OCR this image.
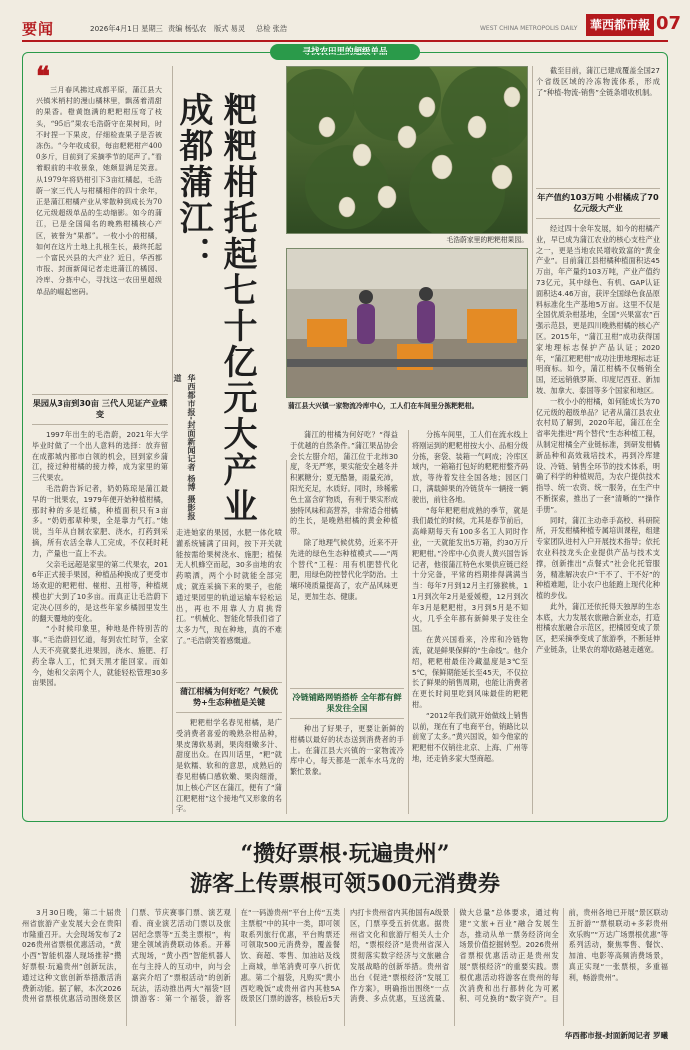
要闻	2026年4月1日 星期三 责编 杨弘农 版式 易灵 总检 张浩	WEST CHINA METROPOLIS DAILY	華西都市報 07
寻找农田里的超级单品
❝ 三月春风拂过成都平原，蒲江县大兴镇米梢村的漫山橘林里，飘荡着清甜的果香。橙黄饱满的粑粑柑压弯了枝头，“95后”果农毛浩蔚守在果树间，时不时捏一下果皮，仔细检查果子是否被冻伤。“今年收成很，每亩粑粑柑产4000多斤，目前到了采摘季节的尾声了。”看着眼前的丰收景象，她颇显满足笑意。从1979年将奶柑引下3亩红橘起，毛浩蔚一家三代人与柑橘相伴的四十余年，正是蒲江柑橘产业从零散种到成长为70亿元级超级单品的生动缩影。如今的蒲江，已是全国闻名的晚熟柑橘核心产区，被誉为“果都”。一枚小小的柑橘，如何在这片土地上扎根生长，最终托起一个富民兴县的大产业？近日，华西都市报、封面新闻记者走进蒲江的橘园、冷库、分拣中心，寻找这一农田里超级单品的崛起密码。
果园从3亩到30亩 三代人见证产业蝶变

1997年出生的毛浩蔚，2021年大学毕业时做了一个出人意料的选择：放弃留在成都城内都市白领的机会，回到家乡蒲江，接过种柑橘的接力棒，成为家里的第三代果农。

毛浩蔚告诉记者，奶奶陈琼是蒲江最早的一批果农，1979年便开始种植柑橘，那时种的多是红橘，种植面积只有3亩多。“奶奶那辈种果，全是靠力气打。”她说，当年从自制农家肥、浇水，打药到采摘，所有农活全靠人工完成，不仅耗时耗力，产量也一直上不去。

父亲毛远超是家里的第二代果农，2016年正式接手果园，种植品种换成了更受市场欢迎的粑粑柑、椪柑、丑柑等，种植规模也扩大到了10多亩。而真正让毛浩蔚下定决心回乡的，是这些年家乡橘园里发生的翻天覆地的变化。

“小时候印象里，种地是件特别苦的事。”毛浩蔚回忆道，每到农忙时节，全家人天不亮就要扎进果园，浇水、施肥、打药全靠人工，忙到天黑才能回家。而如今，她和父亲两个人，就能轻松管理30多亩果园。

成都蒲江： 粑粑柑托起七十亿元大产业
华西都市报-封面新闻记者 杨博 摄影报道

走进她家的果园，水肥一体化喷灌系统铺满了田间，按下开关就能按需给果树浇水、施肥；植保无人机蜂空而起，30多亩地的农药喷洒，两个小时就能全部完成；就连采摘下来的果子，也能通过果园里的轨道运输车轻松运出，再也不用靠人力肩挑背扛。“机械化、智能化帮我们省了太多力气，现在种地，真的不难了。”毛浩蔚笑着感慨道。

蒲江柑橘为何好吃？气候优势+生态种植是关键

粑粑柑学名春见柑橘，是广受消费者喜爱的晚熟杂柑品种，果皮薄软易剥，果肉细嫩多汁、甜度出众。在四川话里，“粑”就是软糯、软和的意思，成熟后的春见柑橘口感软嫩、果肉细滑，加上核心产区在蒲江，便有了“蒲江粑粑柑”这个接地气又形象的名字。

毛浩蔚家里的粑粑柑果园。
蒲江县大兴镇一家物流冷库中心，工人们在车间里分拣粑粑柑。

蒲江的柑橘为何好吃？“得益于优越的自然条件。”蒲江果品协会会长左腊介绍，蒲江位于北纬30度，冬无严寒，果实能安全越冬并积累糖分；夏无酷暑，雨量充沛，阳光充足，水质好。同时，珍稀紫色土富含矿物质，有利于果实形成独特风味和高营养，非常适合柑橘的生长，是晚熟柑橘的黄金种植带。

除了地理气候优势，近来不开先进的绿色生态种植模式——“两个替代”工程：用有机肥替代化肥，用绿色防控替代化学防治。土壤环境质量提高了，农产品风味更足，更加生态、健康。

冷链铺路网销搭桥 全年都有鲜果发往全国

种出了好果子，更要让新鲜的柑橘以最好的状态送到消费者的手上。在蒲江县大兴镇的一家物流冷库中心，每天都是一派车水马龙的繁忙景象。

分拣车间里，工人们在流水线上将刚运到的粑粑柑按大小、品相分级分拣，套袋、装箱一气呵成；冷库区域内，一箱箱打包好的粑粑柑整齐码放，等待着发往全国各地；园区门口，满载鲜果的冷链货车一辆接一辆驶出，前往各地。

“每年粑粑柑成熟的季节，就是我们最忙的时候，尤其是春节前后，高峰期每天有100多名工人同时作业，一天就能发出5万箱，约30万斤粑粑柑。”冷库中心负责人黄兴国告诉记者，他很蒲江特色水果供应链已经十分完备，平常的档期排得满满当当：每年7月到12月主打猕猴桃，11月到次年2月是爱媛橙，12月到次年3月是粑粑柑，3月到5月是不知火，几乎全年都有新鲜果子发往全国。

在黄兴国看来，冷库和冷链物流，就是鲜果保鲜的“生命线”。他介绍，粑粑柑最佳冷藏温度是3℃至5℃，保鲜期能延长至45天，不仅拉长了鲜果的销售周期，也能让消费者在更长时间里吃到风味最佳的粑粑柑。

“2012年我们就开始做线上销售以前，现在有了电商平台，销路比以前宽了太多。”黄兴国说，如今他家的粑粑柑不仅销往北京、上海、广州等地，还走俏多家大型商超。

截至目前，蒲江已建成覆盖全国27个省级区域的冷冻物流体系，形成了“种植-物流-销售”全链条增收机制。

年产值约103万吨 小柑橘成了70亿元级大产业

经过四十余年发展，如今的柑橘产业，早已成为蒲江农业的核心支柱产业之一，更是当地农民增收致富的“黄金产业”。目前蒲江县柑橘种植面积达45万亩，年产量约103万吨，产业产值约73亿元，其中绿色、有机、GAP认证面积达4.46万亩，获评全国绿色食品原料标准化生产基地5万亩。这里不仅是全国优质杂柑基地，全国“兴果富农”百强示范县，更是四川晚熟柑橘的核心产区。2015年，“蒲江丑柑”成功获得国家地理标志保护产品认证；2020年，“蒲江粑粑柑”成功注册地理标志证明商标。如今，蒲江柑橘不仅畅销全国，还远销俄罗斯、印度尼西亚、新加坡、加拿大、泰国等多个国家和地区。

一枚小小的柑橘，如何能成长为70亿元级的超级单品？记者从蒲江县农业农村局了解到，2020年起，蒲江在全省率先推进“两个替代”生态种植工程，从制定柑橘全产业链标准，到研发柑橘新品种和高效栽培技术，再到冷库建设、冷链、销售全环节的技术体系，明确了科学的种植规范，为农户提供技术指导、统一农资、统一服务，在生产中不断探索，推出了一套“清晰的”“操作手册”。

同时，蒲江主动牵手高校、科研院所，开发柑橘种植专属培训课程，组建专家团队进村入户开展技术指导；依托农业科技龙头企业提供产品与技术支撑，创新推出“点餐式”社会化托管服务，精准解决农户“干不了、干不好”的种植难题，让小农户也能跑上现代化种植的步伐。

此外，蒲江还依托得天独厚的生态本底，大力发展农旅融合新业态，打造柑橘农旅融合示范区，把橘园变成了景区，把采摘季变成了旅游季，不断延伸产业链条，让果农的增收路越走越宽。

“攒好票根·玩遍贵州”
游客上传票根可领500元消费券
3月30日晚，第二十届贵州省旅游产业发展大会在贵阳市隆重召开。大会现场发布了2026贵州省票根优惠活动，“黄小西”智能机器人现场推荐“攒好票根·玩遍贵州”创新玩法，通过这种文旅创新举措激活消费新动能。据了解，本次2026贵州省票根优惠活动围绕景区门票、节庆赛事门票、演艺观看、商业演艺活动门票以及旅居纪念票等“五类主票根”，构建全领域消费联动体系。开幕式现场，“黄小西”智能机器人在与主持人的互动中，向与会嘉宾介绍了“票根活动”的创新玩法，活动推出两大“福袋”回馈游客：第一个福袋，游客在“一码游贵州”平台上传“五类主票根”中的其中一类，即可领取系列旅行优惠，平台购票还可领取500元消费券，覆盖餐饮、商超、零售、加油站及线上商城，单笔消费可享八折优惠。第二个福袋，凡购买“黄小西吃晚饭”或贵州省内其他5A级景区门票的游客，核验后5天内打卡贵州省内其他国有A级景区，门票享受五折优惠。据贵州省文化和旅游厅相关人士介绍，“票根经济”是贵州省深入贯彻落实数字经济与文旅融合发展战略的创新举措。贵州省出台《促进“票根经济”发展工作方案》，明确指出围绕“一点消费、多点优惠，互送流量、做大总量”总体要求，通过构建“文旅+百业”融合发展生态，推动从单一票务经济向全场景价值挖掘转型。2026贵州省票根优惠活动正是贵州发展“票根经济”的重要实践。票根优惠活动将游客在贵州的每次消费和出行都转化为可累积、可兑换的“数字资产”。目前，贵州各地已开展“景区联动五折游”“票根联动+多彩贵州欢乐购”“万达广场票根优惠”等系列活动，聚焦零售、餐饮、加油、电影等高频消费场景，真正实现“一张票根，多重福利，畅游贵州”。
华西都市报-封面新闻记者 罗曦
